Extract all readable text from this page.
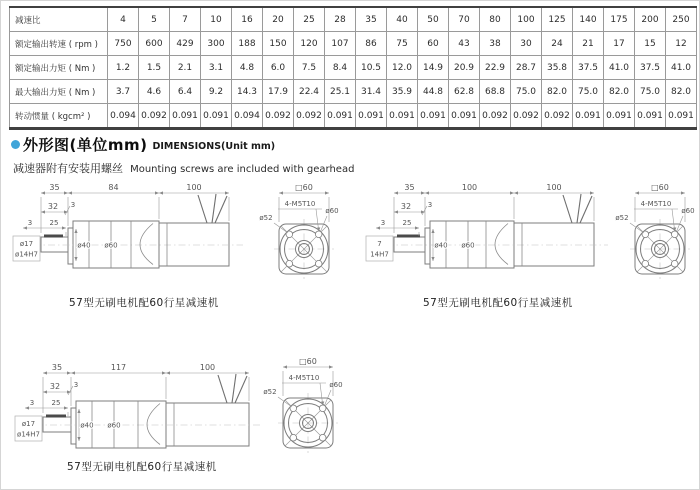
减速比	4	5	7	10	16	20	25	28	35	40	50	70	80	100	125	140	175	200	250
额定输出转速 ( rpm )	750	600	429	300	188	150	120	107	86	75	60	43	38	30	24	21	17	15	12
额定输出力矩 ( Nm )	1.2	1.5	2.1	3.1	4.8	6.0	7.5	8.4	10.5	12.0	14.9	20.9	22.9	28.7	35.8	37.5	41.0	37.5	41.0
最大输出力矩 ( Nm )	3.7	4.6	6.4	9.2	14.3	17.9	22.4	25.1	31.4	35.9	44.8	62.8	68.8	75.0	82.0	75.0	82.0	75.0	82.0
转动惯量 ( kgcm² )	0.094	0.092	0.091	0.091	0.094	0.092	0.092	0.091	0.091	0.091	0.091	0.091	0.092	0.092	0.092	0.091	0.091	0.091	0.091
外形图(单位mm) DIMENSIONS(Unit mm)
减速器附有安装用螺丝 Mounting screws are included with gearhead
ø40 ø60
ø17
ø14H7
35	84	100
32 3
3 25
□60
4-M5T10
ø60
ø52
ø40 ø60
7
14H7
35	100	100
32 3
3 25
□60
4-M5T10
ø60
ø52
ø40 ø60
ø17
ø14H7
35	117	100
32 3
3 25
□60
4-M5T10
ø60
ø52
57型无刷电机配60行星减速机	57型无刷电机配60行星减速机
57型无刷电机配60行星减速机
